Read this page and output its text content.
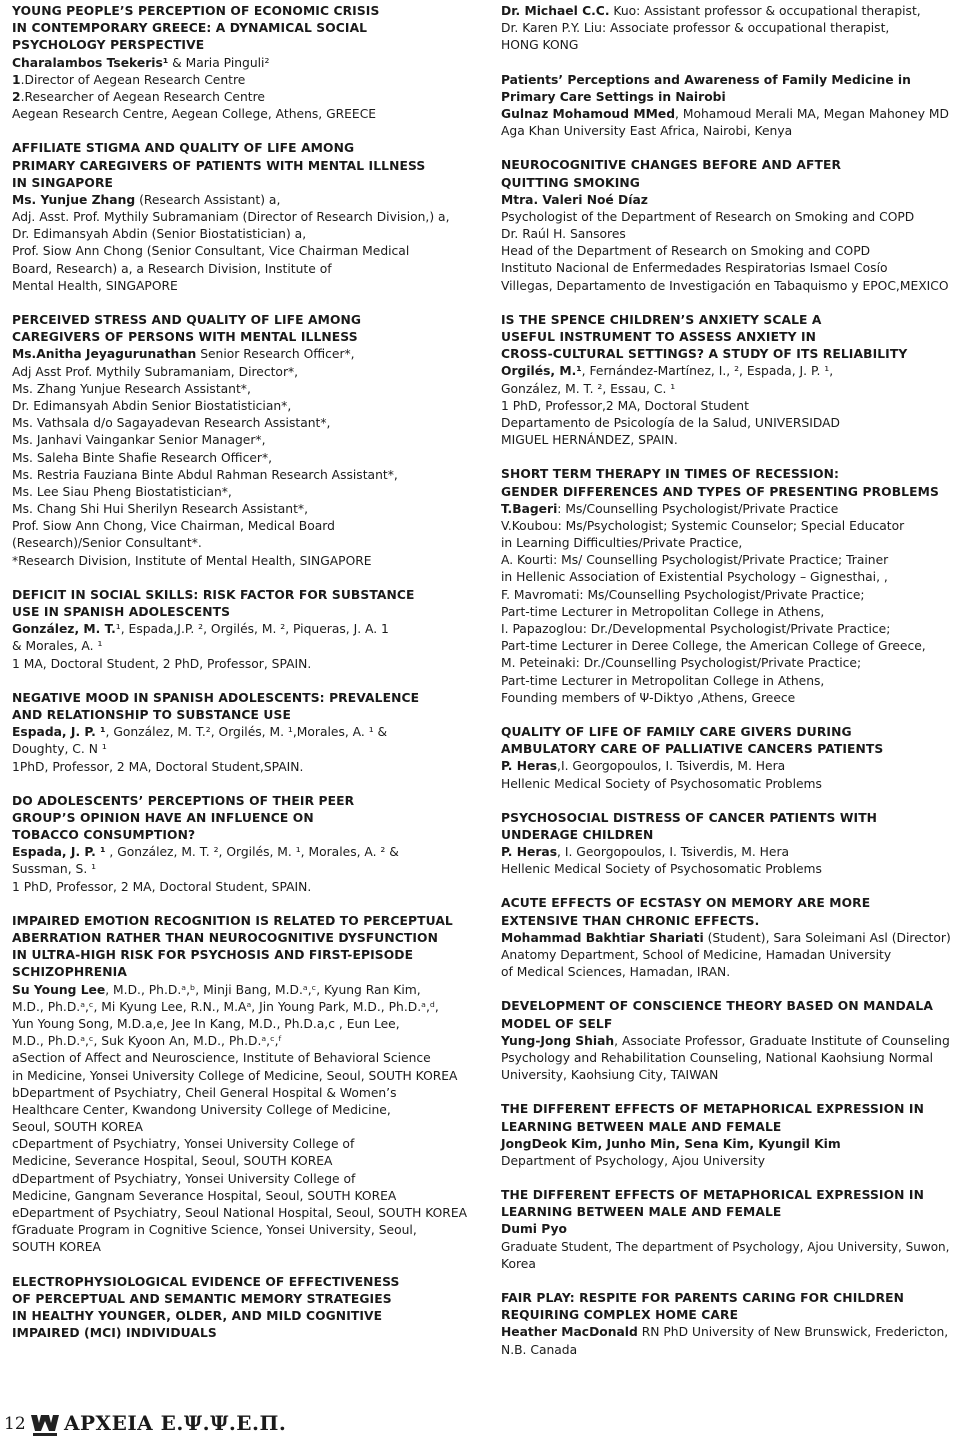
YOUNG PEOPLE’S PERCEPTION OF ECONOMIC CRISIS
IN CONTEMPORARY GREECE: A DYNAMICAL SOCIAL
PSYCHOLOGY PERSPECTIVE
Charalambos Tsekeris¹ & Maria Pinguli²
1.Director of Aegean Research Centre
2.Researcher of Aegean Research Centre
Aegean Research Centre, Aegean College, Athens, GREECE
AFFILIATE STIGMA AND QUALITY OF LIFE AMONG
PRIMARY CAREGIVERS OF PATIENTS WITH MENTAL ILLNESS
IN SINGAPORE
Ms. Yunjue Zhang (Research Assistant) a,
Adj. Asst. Prof. Mythily Subramaniam (Director of Research Division,) a,
Dr. Edimansyah Abdin (Senior Biostatistician) a,
Prof. Siow Ann Chong (Senior Consultant, Vice Chairman Medical
Board, Research) a, a Research Division, Institute of
Mental Health, SINGAPORE
PERCEIVED STRESS AND QUALITY OF LIFE AMONG
CAREGIVERS OF PERSONS WITH MENTAL ILLNESS
Ms.Anitha Jeyagurunathan Senior Research Officer*,
Adj Asst Prof. Mythily Subramaniam, Director*,
Ms. Zhang Yunjue Research Assistant*,
Dr. Edimansyah Abdin Senior Biostatistician*,
Ms. Vathsala d/o Sagayadevan Research Assistant*,
Ms. Janhavi Vaingankar Senior Manager*,
Ms. Saleha Binte Shafie Research Officer*,
Ms. Restria Fauziana Binte Abdul Rahman Research Assistant*,
Ms. Lee Siau Pheng Biostatistician*,
Ms. Chang Shi Hui Sherilyn Research Assistant*,
Prof. Siow Ann Chong, Vice Chairman, Medical Board
(Research)/Senior Consultant*.
*Research Division, Institute of Mental Health, SINGAPORE
DEFICIT IN SOCIAL SKILLS: RISK FACTOR FOR SUBSTANCE
USE IN SPANISH ADOLESCENTS
González, M. T.¹, Espada,J.P. ², Orgilés, M. ², Piqueras, J. A. 1
& Morales, A. ¹
1 MA, Doctoral Student, 2 PhD, Professor, SPAIN.
NEGATIVE MOOD IN SPANISH ADOLESCENTS: PREVALENCE
AND RELATIONSHIP TO SUBSTANCE USE
Espada, J. P. ¹, González, M. T.², Orgilés, M. ¹,Morales, A. ¹ &
Doughty, C. N ¹
1PhD, Professor, 2 MA, Doctoral Student,SPAIN.
DO ADOLESCENTS’ PERCEPTIONS OF THEIR PEER
GROUP’S OPINION HAVE AN INFLUENCE ON
TOBACCO CONSUMPTION?
Espada, J. P. ¹ , González, M. T. ², Orgilés, M. ¹, Morales, A. ² &
Sussman, S. ¹
1 PhD, Professor, 2 MA, Doctoral Student, SPAIN.
IMPAIRED EMOTION RECOGNITION IS RELATED TO PERCEPTUAL
ABERRATION RATHER THAN NEUROCOGNITIVE DYSFUNCTION
IN ULTRA-HIGH RISK FOR PSYCHOSIS AND FIRST-EPISODE
SCHIZOPHRENIA
Su Young Lee, M.D., Ph.D.ᵃ,ᵇ, Minji Bang, M.D.ᵃ,ᶜ, Kyung Ran Kim,
M.D., Ph.D.ᵃ,ᶜ, Mi Kyung Lee, R.N., M.Aᵃ, Jin Young Park, M.D., Ph.D.ᵃ,ᵈ,
Yun Young Song, M.D.a,e, Jee In Kang, M.D., Ph.D.a,c , Eun Lee,
M.D., Ph.D.ᵃ,ᶜ, Suk Kyoon An, M.D., Ph.D.ᵃ,ᶜ,ᶠ
aSection of Affect and Neuroscience, Institute of Behavioral Science
in Medicine, Yonsei University College of Medicine, Seoul, SOUTH KOREA
bDepartment of Psychiatry, Cheil General Hospital & Women’s
Healthcare Center, Kwandong University College of Medicine,
Seoul, SOUTH KOREA
cDepartment of Psychiatry, Yonsei University College of
Medicine, Severance Hospital, Seoul, SOUTH KOREA
dDepartment of Psychiatry, Yonsei University College of
Medicine, Gangnam Severance Hospital, Seoul, SOUTH KOREA
eDepartment of Psychiatry, Seoul National Hospital, Seoul, SOUTH KOREA
fGraduate Program in Cognitive Science, Yonsei University, Seoul,
SOUTH KOREA
ELECTROPHYSIOLOGICAL EVIDENCE OF EFFECTIVENESS
OF PERCEPTUAL AND SEMANTIC MEMORY STRATEGIES
IN HEALTHY YOUNGER, OLDER, AND MILD COGNITIVE
IMPAIRED (MCI) INDIVIDUALS
Dr. Michael C.C. Kuo: Assistant professor & occupational therapist,
Dr. Karen P.Y. Liu: Associate professor & occupational therapist,
HONG KONG
Patients’ Perceptions and Awareness of Family Medicine in
Primary Care Settings in Nairobi
Gulnaz Mohamoud MMed, Mohamoud Merali MA, Megan Mahoney MD
Aga Khan University East Africa, Nairobi, Kenya
NEUROCOGNITIVE CHANGES BEFORE AND AFTER
QUITTING SMOKING
Mtra. Valeri Noé Díaz
Psychologist of the Department of Research on Smoking and COPD
Dr. Raúl H. Sansores
Head of the Department of Research on Smoking and COPD
Instituto Nacional de Enfermedades Respiratorias Ismael Cosío
Villegas, Departamento de Investigación en Tabaquismo y EPOC,MEXICO
IS THE SPENCE CHILDREN’S ANXIETY SCALE A
USEFUL INSTRUMENT TO ASSESS ANXIETY IN
CROSS-CULTURAL SETTINGS? A STUDY OF ITS RELIABILITY
Orgilés, M.¹, Fernández-Martínez, I., ², Espada, J. P. ¹,
González, M. T. ², Essau, C. ¹
1 PhD, Professor,2 MA, Doctoral Student
Departamento de Psicología de la Salud, UNIVERSIDAD
MIGUEL HERNÁNDEZ, SPAIN.
SHORT TERM THERAPY IN TIMES OF RECESSION:
GENDER DIFFERENCES AND TYPES OF PRESENTING PROBLEMS
T.Bageri: Ms/Counselling Psychologist/Private Practice
V.Koubou: Ms/Psychologist; Systemic Counselor; Special Educator
in Learning Difficulties/Private Practice,
A. Kourti: Ms/ Counselling Psychologist/Private Practice; Trainer
in Hellenic Association of Existential Psychology – Gignesthai, ,
F. Mavromati: Ms/Counselling Psychologist/Private Practice;
Part-time Lecturer in Metropolitan College in Athens,
I. Papazoglou: Dr./Developmental Psychologist/Private Practice;
Part-time Lecturer in Deree College, the American College of Greece,
M. Peteinaki: Dr./Counselling Psychologist/Private Practice;
Part-time Lecturer in Metropolitan College in Athens,
Founding members of Ψ-Diktyo ,Athens, Greece
QUALITY OF LIFE OF FAMILY CARE GIVERS DURING
AMBULATORY CARE OF PALLIATIVE CANCERS PATIENTS
P. Heras,I. Georgopoulos, I. Tsiverdis, M. Hera
Hellenic Medical Society of Psychosomatic Problems
PSYCHOSOCIAL DISTRESS OF CANCER PATIENTS WITH
UNDERAGE CHILDREN
P. Heras, I. Georgopoulos, I. Tsiverdis, M. Hera
Hellenic Medical Society of Psychosomatic Problems
ACUTE EFFECTS OF ECSTASY ON MEMORY ARE MORE
EXTENSIVE THAN CHRONIC EFFECTS.
Mohammad Bakhtiar Shariati (Student), Sara Soleimani Asl (Director)
Anatomy Department, School of Medicine, Hamadan University
of Medical Sciences, Hamadan, IRAN.
DEVELOPMENT OF CONSCIENCE THEORY BASED ON MANDALA
MODEL OF SELF
Yung-Jong Shiah, Associate Professor, Graduate Institute of Counseling
Psychology and Rehabilitation Counseling, National Kaohsiung Normal
University, Kaohsiung City, TAIWAN
THE DIFFERENT EFFECTS OF METAPHORICAL EXPRESSION IN
LEARNING BETWEEN MALE AND FEMALE
JongDeok Kim, Junho Min, Sena Kim, Kyungil Kim
Department of Psychology, Ajou University
THE DIFFERENT EFFECTS OF METAPHORICAL EXPRESSION IN
LEARNING BETWEEN MALE AND FEMALE
Dumi Pyo
Graduate Student, The department of Psychology, Ajou University, Suwon,
Korea
FAIR PLAY: RESPITE FOR PARENTS CARING FOR CHILDREN
REQUIRING COMPLEX HOME CARE
Heather MacDonald RN PhD University of New Brunswick, Fredericton,
N.B. Canada
12 ΑΡΧΕΙΑ Ε.Ψ.Ψ.Ε.Π.
